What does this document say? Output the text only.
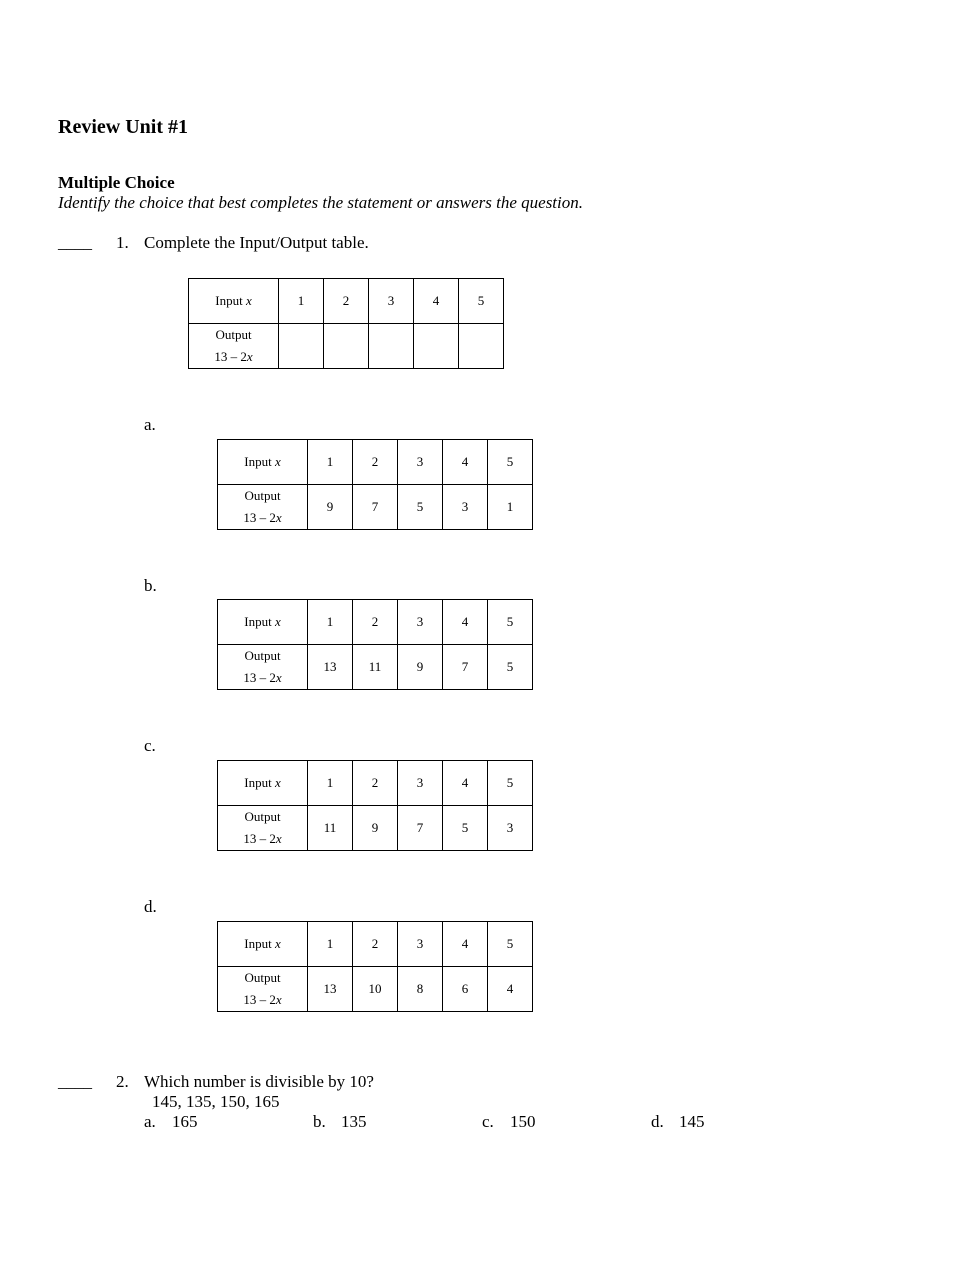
Review Unit #1
Multiple Choice
Identify the choice that best completes the statement or answers the question.
____ 1. Complete the Input/Output table.
Input x	1	2	3	4	5
Output
13 – 2x					
a.
Input x	1	2	3	4	5
Output
13 – 2x	9	7	5	3	1
b.
Input x	1	2	3	4	5
Output
13 – 2x	13	11	9	7	5
c.
Input x	1	2	3	4	5
Output
13 – 2x	11	9	7	5	3
d.
Input x	1	2	3	4	5
Output
13 – 2x	13	10	8	6	4
____ 2. Which number is divisible by 10?
145, 135, 150, 165
a. 165	b. 135	c. 150	d. 145
